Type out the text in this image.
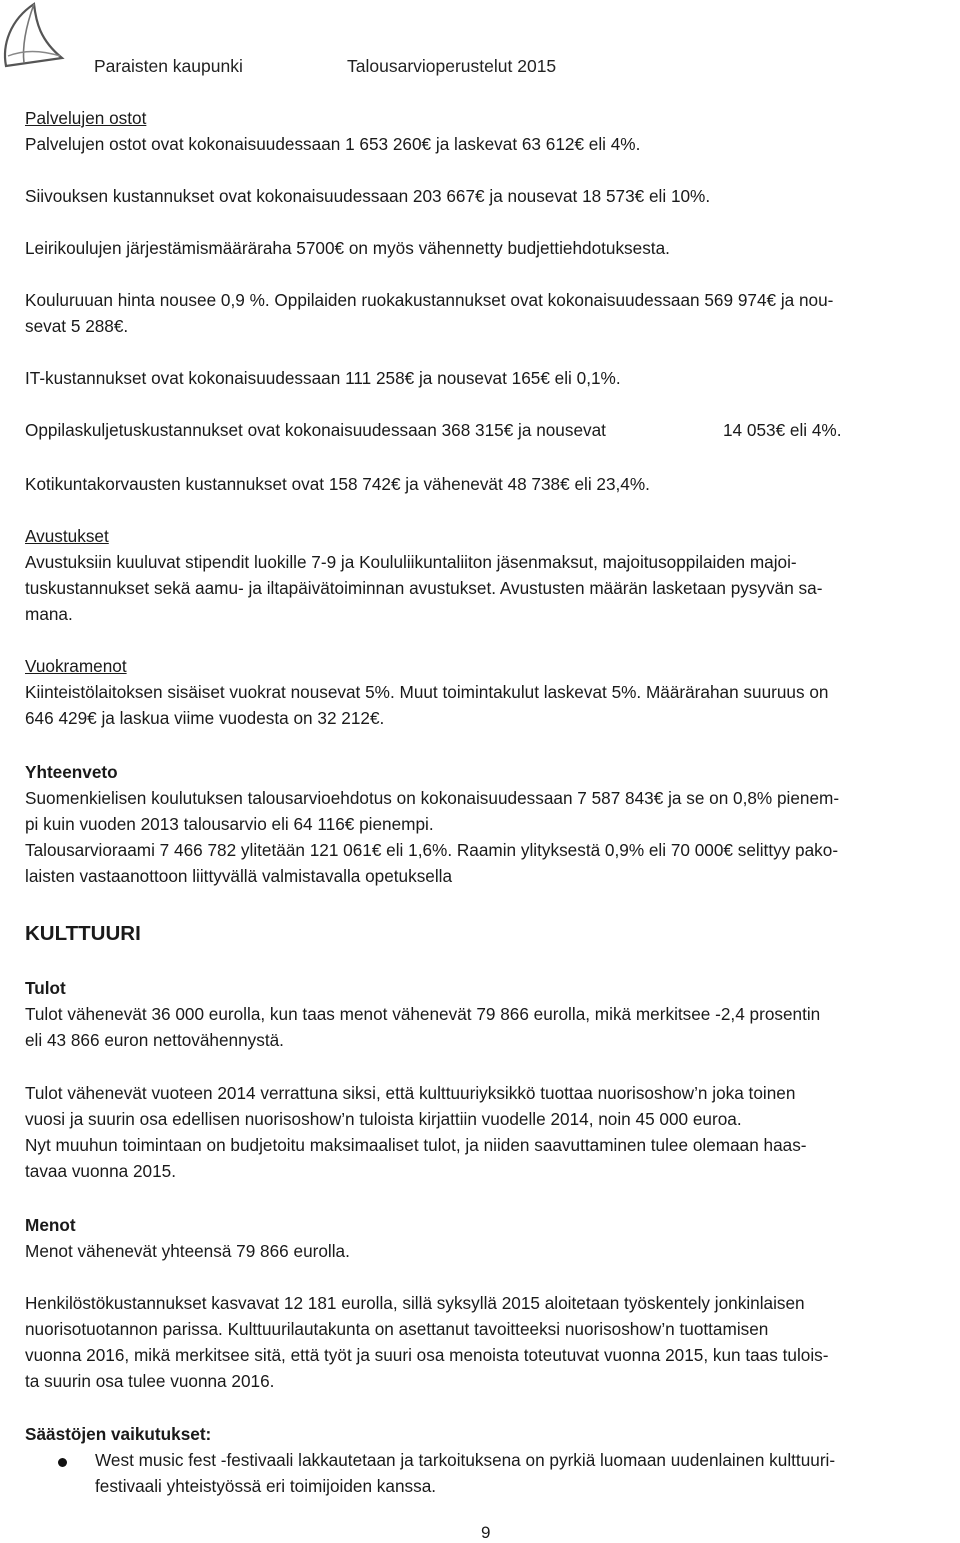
Paraisten kaupunki	Talousarvioperustelut 2015
Palvelujen ostot
Palvelujen ostot ovat kokonaisuudessaan 1 653 260€ ja laskevat 63 612€ eli 4%.
Siivouksen kustannukset ovat kokonaisuudessaan 203 667€ ja nousevat 18 573€ eli 10%.
Leirikoulujen järjestämismääräraha 5700€ on myös vähennetty budjettiehdotuksesta.
Kouluruuan hinta nousee 0,9 %. Oppilaiden ruokakustannukset ovat kokonaisuudessaan 569 974€ ja nou-
sevat 5 288€.
IT-kustannukset ovat kokonaisuudessaan 111 258€ ja nousevat 165€ eli 0,1%.
Oppilaskuljetuskustannukset ovat kokonaisuudessaan 368 315€ ja nousevat	14 053€ eli 4%.
Kotikuntakorvausten kustannukset ovat 158 742€ ja vähenevät 48 738€ eli 23,4%.
Avustukset
Avustuksiin kuuluvat stipendit luokille 7-9 ja Koululiikuntaliiton jäsenmaksut, majoitusoppilaiden majoi-
tuskustannukset sekä aamu- ja iltapäivätoiminnan avustukset. Avustusten määrän lasketaan pysyvän sa-
mana.
Vuokramenot
Kiinteistölaitoksen sisäiset vuokrat nousevat 5%. Muut toimintakulut laskevat 5%. Määrärahan suuruus on
646 429€ ja laskua viime vuodesta on 32 212€.
Yhteenveto
Suomenkielisen koulutuksen talousarvioehdotus on kokonaisuudessaan 7 587 843€ ja se on 0,8% pienem-
pi kuin vuoden 2013 talousarvio eli 64 116€ pienempi.
Talousarvioraami 7 466 782 ylitetään 121 061€ eli 1,6%. Raamin ylityksestä 0,9% eli 70 000€ selittyy pako-
laisten vastaanottoon liittyvällä valmistavalla opetuksella
KULTTUURI
Tulot
Tulot vähenevät 36 000 eurolla, kun taas menot vähenevät 79 866 eurolla, mikä merkitsee -2,4 prosentin
eli 43 866 euron nettovähennystä.
Tulot vähenevät vuoteen 2014 verrattuna siksi, että kulttuuriyksikkö tuottaa nuorisoshow’n joka toinen
vuosi ja suurin osa edellisen nuorisoshow’n tuloista kirjattiin vuodelle 2014, noin 45 000 euroa.
Nyt muuhun toimintaan on budjetoitu maksimaaliset tulot, ja niiden saavuttaminen tulee olemaan haas-
tavaa vuonna 2015.
Menot
Menot vähenevät yhteensä 79 866 eurolla.
Henkilöstökustannukset kasvavat 12 181 eurolla, sillä syksyllä 2015 aloitetaan työskentely jonkinlaisen
nuorisotuotannon parissa. Kulttuurilautakunta on asettanut tavoitteeksi nuorisoshow’n tuottamisen
vuonna 2016, mikä merkitsee sitä, että työt ja suuri osa menoista toteutuvat vuonna 2015, kun taas tulois-
ta suurin osa tulee vuonna 2016.
Säästöjen vaikutukset:
West music fest -festivaali lakkautetaan ja tarkoituksena on pyrkiä luomaan uudenlainen kulttuuri-
festivaali yhteistyössä eri toimijoiden kanssa.
9
